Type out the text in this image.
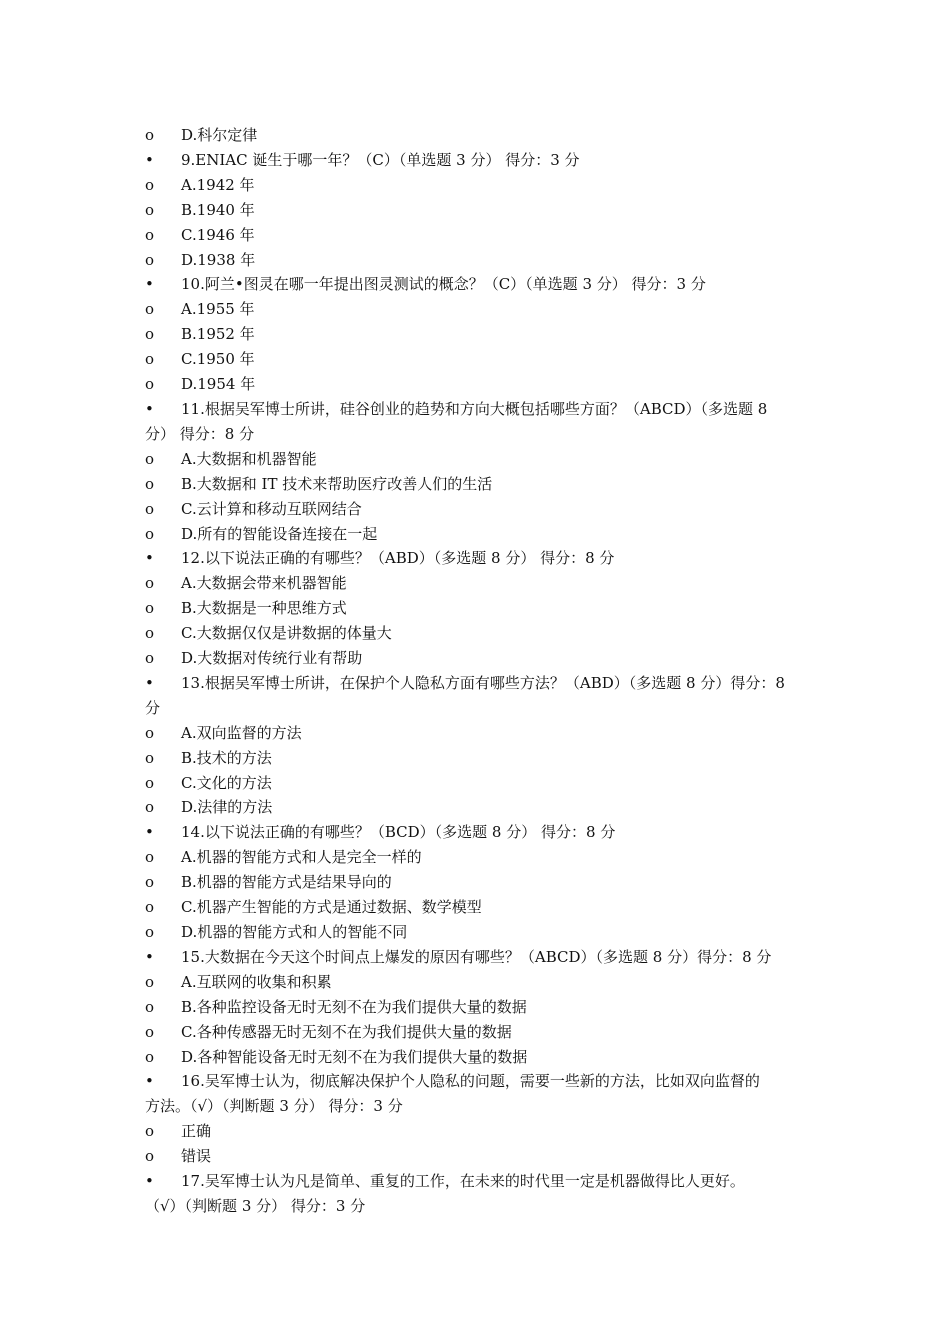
o	D.科尔定律
•	9.ENIAC 诞生于哪一年？（C）（单选题 3 分） 得分：3 分
o	A.1942 年
o	B.1940 年
o	C.1946 年
o	D.1938 年
•	10.阿兰•图灵在哪一年提出图灵测试的概念？（C）（单选题 3 分） 得分：3 分
o	A.1955 年
o	B.1952 年
o	C.1950 年
o	D.1954 年
•	11.根据吴军博士所讲，硅谷创业的趋势和方向大概包括哪些方面？（ABCD）（多选题 8
分） 得分：8 分
o	A.大数据和机器智能
o	B.大数据和 IT 技术来帮助医疗改善人们的生活
o	C.云计算和移动互联网结合
o	D.所有的智能设备连接在一起
•	12.以下说法正确的有哪些？（ABD）（多选题 8 分） 得分：8 分
o	A.大数据会带来机器智能
o	B.大数据是一种思维方式
o	C.大数据仅仅是讲数据的体量大
o	D.大数据对传统行业有帮助
•	13.根据吴军博士所讲，在保护个人隐私方面有哪些方法？（ABD）（多选题 8 分）得分：8
分
o	A.双向监督的方法
o	B.技术的方法
o	C.文化的方法
o	D.法律的方法
•	14.以下说法正确的有哪些？（BCD）（多选题 8 分） 得分：8 分
o	A.机器的智能方式和人是完全一样的
o	B.机器的智能方式是结果导向的
o	C.机器产生智能的方式是通过数据、数学模型
o	D.机器的智能方式和人的智能不同
•	15.大数据在今天这个时间点上爆发的原因有哪些？（ABCD）（多选题 8 分）得分：8 分
o	A.互联网的收集和积累
o	B.各种监控设备无时无刻不在为我们提供大量的数据
o	C.各种传感器无时无刻不在为我们提供大量的数据
o	D.各种智能设备无时无刻不在为我们提供大量的数据
•	16.吴军博士认为，彻底解决保护个人隐私的问题，需要一些新的方法，比如双向监督的
方法。（√）（判断题 3 分） 得分：3 分
o	正确
o	错误
•	17.吴军博士认为凡是简单、重复的工作，在未来的时代里一定是机器做得比人更好。
（√）（判断题 3 分） 得分：3 分
